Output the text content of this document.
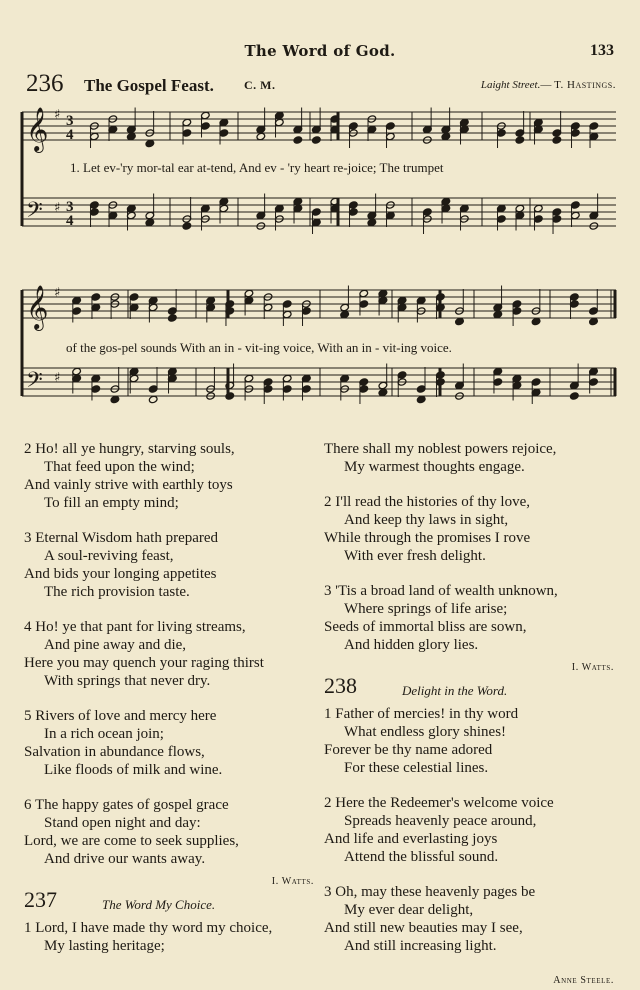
The Word of God.	133
236 The Gospel Feast.	C. M.	Laight Street.— T. Hastings.
𝄞 ♯ 3
4
𝄢 ♯ 3
4
1. Let ev-'ry mor-tal ear at-tend, And ev - 'ry heart re-joice; The trumpet
𝄞 ♯
𝄢 ♯
of the gos-pel sounds With an in - vit-ing voice, With an in - vit-ing voice.
2 Ho! all ye hungry, starving souls,
That feed upon the wind;
And vainly strive with earthly toys
To fill an empty mind;
3 Eternal Wisdom hath prepared
A soul-reviving feast,
And bids your longing appetites
The rich provision taste.
4 Ho! ye that pant for living streams,
And pine away and die,
Here you may quench your raging thirst
With springs that never dry.
5 Rivers of love and mercy here
In a rich ocean join;
Salvation in abundance flows,
Like floods of milk and wine.
6 The happy gates of gospel grace
Stand open night and day:
Lord, we are come to seek supplies,
And drive our wants away.
I. Watts.
237	The Word My Choice.
1 Lord, I have made thy word my choice,
My lasting heritage;
There shall my noblest powers rejoice,
My warmest thoughts engage.
2 I'll read the histories of thy love,
And keep thy laws in sight,
While through the promises I rove
With ever fresh delight.
3 'Tis a broad land of wealth unknown,
Where springs of life arise;
Seeds of immortal bliss are sown,
And hidden glory lies.
I. Watts.
238	Delight in the Word.
1 Father of mercies! in thy word
What endless glory shines!
Forever be thy name adored
For these celestial lines.
2 Here the Redeemer's welcome voice
Spreads heavenly peace around,
And life and everlasting joys
Attend the blissful sound.
3 Oh, may these heavenly pages be
My ever dear delight,
And still new beauties may I see,
And still increasing light.
Anne Steele.
